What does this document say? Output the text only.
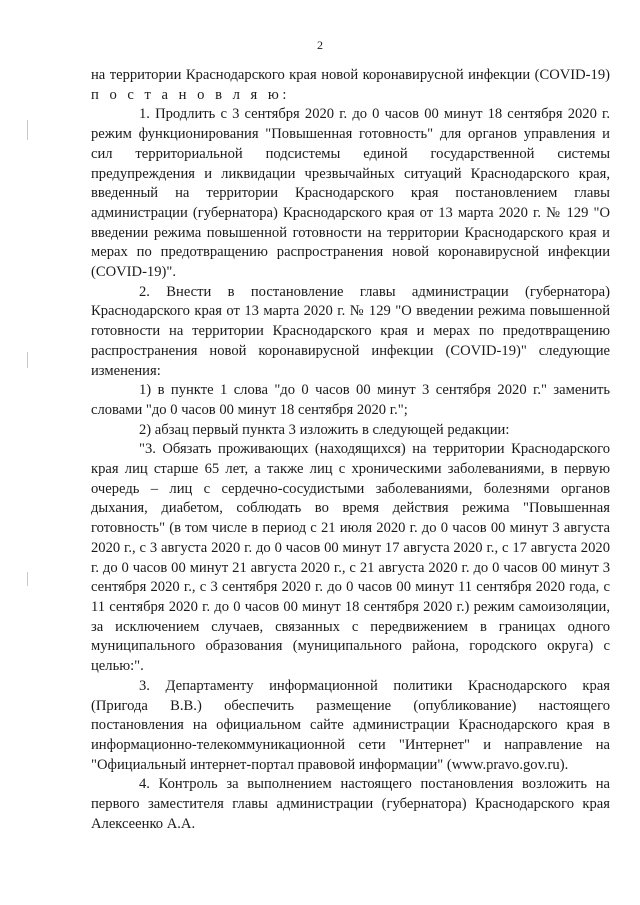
2

на территории Краснодарского края новой коронавирусной инфекции (COVID-19) п о с т а н о в л я ю:

1. Продлить с 3 сентября 2020 г. до 0 часов 00 минут 18 сентября 2020 г. режим функционирования "Повышенная готовность" для органов управления и сил территориальной подсистемы единой государственной системы предупреждения и ликвидации чрезвычайных ситуаций Краснодарского края, введенный на территории Краснодарского края постановлением главы администрации (губернатора) Краснодарского края от 13 марта 2020 г. № 129 "О введении режима повышенной готовности на территории Краснодарского края и мерах по предотвращению распространения новой коронавирусной инфекции (COVID-19)".

2. Внести в постановление главы администрации (губернатора) Краснодарского края от 13 марта 2020 г. № 129 "О введении режима повышенной готовности на территории Краснодарского края и мерах по предотвращению распространения новой коронавирусной инфекции (COVID-19)" следующие изменения:

1) в пункте 1 слова "до 0 часов 00 минут 3 сентября 2020 г." заменить словами "до 0 часов 00 минут 18 сентября 2020 г.";

2) абзац первый пункта 3 изложить в следующей редакции:

"3. Обязать проживающих (находящихся) на территории Краснодарского края лиц старше 65 лет, а также лиц с хроническими заболеваниями, в первую очередь – лиц с сердечно-сосудистыми заболеваниями, болезнями органов дыхания, диабетом, соблюдать во время действия режима "Повышенная готовность" (в том числе в период с 21 июля 2020 г. до 0 часов 00 минут 3 августа 2020 г., с 3 августа 2020 г. до 0 часов 00 минут 17 августа 2020 г., с 17 августа 2020 г. до 0 часов 00 минут 21 августа 2020 г., с 21 августа 2020 г. до 0 часов 00 минут 3 сентября 2020 г., с 3 сентября 2020 г. до 0 часов 00 минут 11 сентября 2020 года, с 11 сентября 2020 г. до 0 часов 00 минут 18 сентября 2020 г.) режим самоизоляции, за исключением случаев, связанных с передвижением в границах одного муниципального образования (муниципального района, городского округа) с целью:".

3. Департаменту информационной политики Краснодарского края (Пригода В.В.) обеспечить размещение (опубликование) настоящего постановления на официальном сайте администрации Краснодарского края в информационно-телекоммуникационной сети "Интернет" и направление на "Официальный интернет-портал правовой информации" (www.pravo.gov.ru).

4. Контроль за выполнением настоящего постановления возложить на первого заместителя главы администрации (губернатора) Краснодарского края Алексеенко А.А.
